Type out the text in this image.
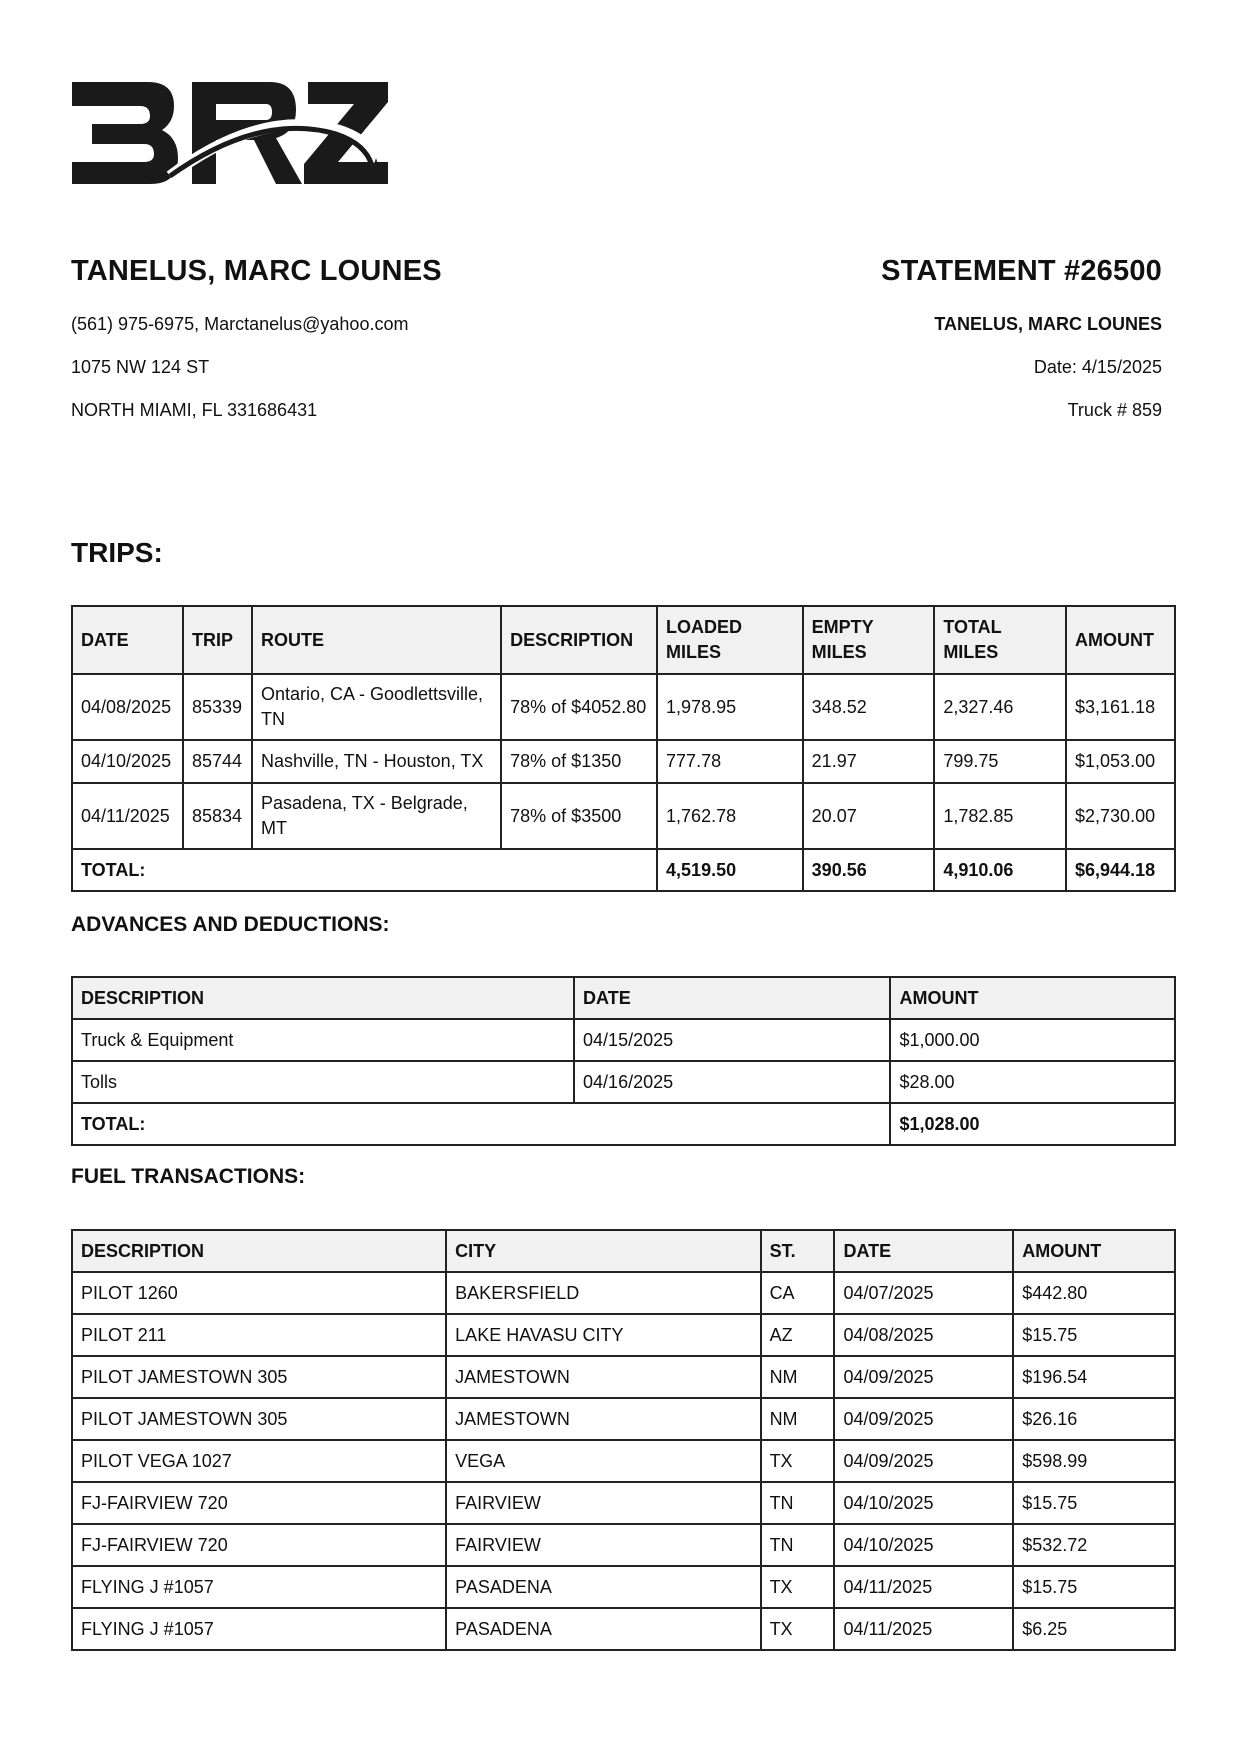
TANELUS, MARC LOUNES
(561) 975-6975, Marctanelus@yahoo.com
1075 NW 124 ST
NORTH MIAMI, FL 331686431
STATEMENT #26500
TANELUS, MARC LOUNES
Date: 4/15/2025
Truck # 859
TRIPS:
DATE	TRIP	ROUTE	DESCRIPTION	LOADED MILES	EMPTY MILES	TOTAL MILES	AMOUNT
04/08/2025	85339	Ontario, CA - Goodlettsville, TN	78% of $4052.80	1,978.95	348.52	2,327.46	$3,161.18
04/10/2025	85744	Nashville, TN - Houston, TX	78% of $1350	777.78	21.97	799.75	$1,053.00
04/11/2025	85834	Pasadena, TX - Belgrade, MT	78% of $3500	1,762.78	20.07	1,782.85	$2,730.00
TOTAL:				4,519.50	390.56	4,910.06	$6,944.18
ADVANCES AND DEDUCTIONS:
DESCRIPTION	DATE	AMOUNT
Truck & Equipment	04/15/2025	$1,000.00
Tolls	04/16/2025	$28.00
TOTAL:		$1,028.00
FUEL TRANSACTIONS:
DESCRIPTION	CITY	ST.	DATE	AMOUNT
PILOT 1260	BAKERSFIELD	CA	04/07/2025	$442.80
PILOT 211	LAKE HAVASU CITY	AZ	04/08/2025	$15.75
PILOT JAMESTOWN 305	JAMESTOWN	NM	04/09/2025	$196.54
PILOT JAMESTOWN 305	JAMESTOWN	NM	04/09/2025	$26.16
PILOT VEGA 1027	VEGA	TX	04/09/2025	$598.99
FJ-FAIRVIEW 720	FAIRVIEW	TN	04/10/2025	$15.75
FJ-FAIRVIEW 720	FAIRVIEW	TN	04/10/2025	$532.72
FLYING J #1057	PASADENA	TX	04/11/2025	$15.75
FLYING J #1057	PASADENA	TX	04/11/2025	$6.25
